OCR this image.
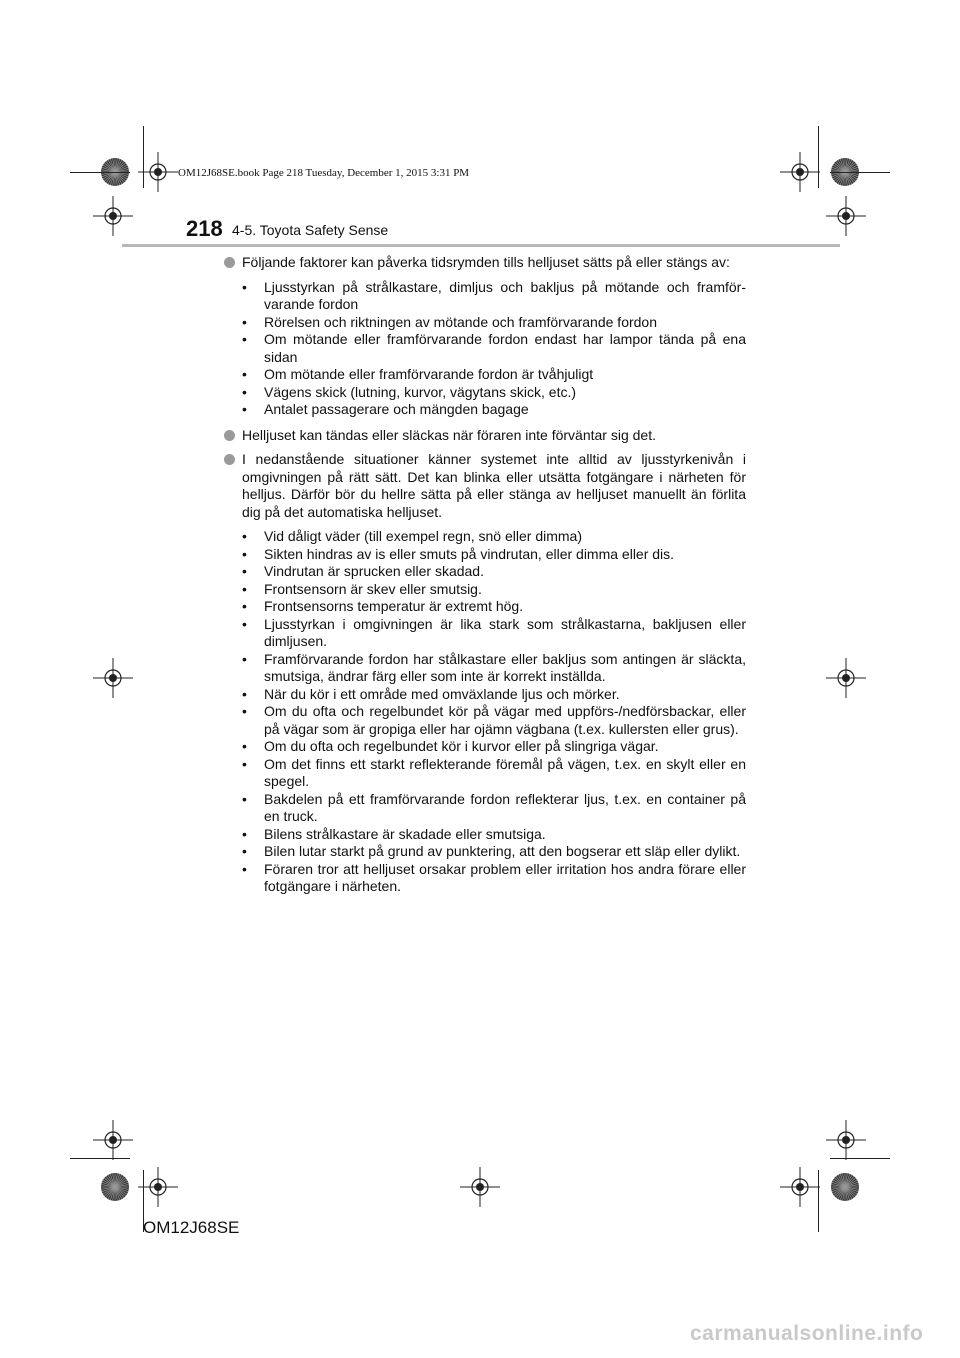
OM12J68SE.book Page 218 Tuesday, December 1, 2015 3:31 PM
218 4-5. Toyota Safety Sense

Följande faktorer kan påverka tidsrymden tills helljuset sätts på eller stängs av:

• Ljusstyrkan på strålkastare, dimljus och bakljus på mötande och framför-varande fordon
• Rörelsen och riktningen av mötande och framförvarande fordon
• Om mötande eller framförvarande fordon endast har lampor tända på ena sidan
• Om mötande eller framförvarande fordon är tvåhjuligt
• Vägens skick (lutning, kurvor, vägytans skick, etc.)
• Antalet passagerare och mängden bagage

Helljuset kan tändas eller släckas när föraren inte förväntar sig det.

I nedanstående situationer känner systemet inte alltid av ljusstyrkenivån i omgivningen på rätt sätt. Det kan blinka eller utsätta fotgängare i närheten för helljus. Därför bör du hellre sätta på eller stänga av helljuset manuellt än förlita dig på det automatiska helljuset.

• Vid dåligt väder (till exempel regn, snö eller dimma)
• Sikten hindras av is eller smuts på vindrutan, eller dimma eller dis.
• Vindrutan är sprucken eller skadad.
• Frontsensorn är skev eller smutsig.
• Frontsensorns temperatur är extremt hög.
• Ljusstyrkan i omgivningen är lika stark som strålkastarna, bakljusen eller dimljusen.
• Framförvarande fordon har stålkastare eller bakljus som antingen är släckta, smutsiga, ändrar färg eller som inte är korrekt inställda.
• När du kör i ett område med omväxlande ljus och mörker.
• Om du ofta och regelbundet kör på vägar med uppförs-/nedförsbackar, eller på vägar som är gropiga eller har ojämn vägbana (t.ex. kullersten eller grus).
• Om du ofta och regelbundet kör i kurvor eller på slingriga vägar.
• Om det finns ett starkt reflekterande föremål på vägen, t.ex. en skylt eller en spegel.
• Bakdelen på ett framförvarande fordon reflekterar ljus, t.ex. en container på en truck.
• Bilens strålkastare är skadade eller smutsiga.
• Bilen lutar starkt på grund av punktering, att den bogserar ett släp eller dylikt.
• Föraren tror att helljuset orsakar problem eller irritation hos andra förare eller fotgängare i närheten.
OM12J68SE
carmanualsonline.info
